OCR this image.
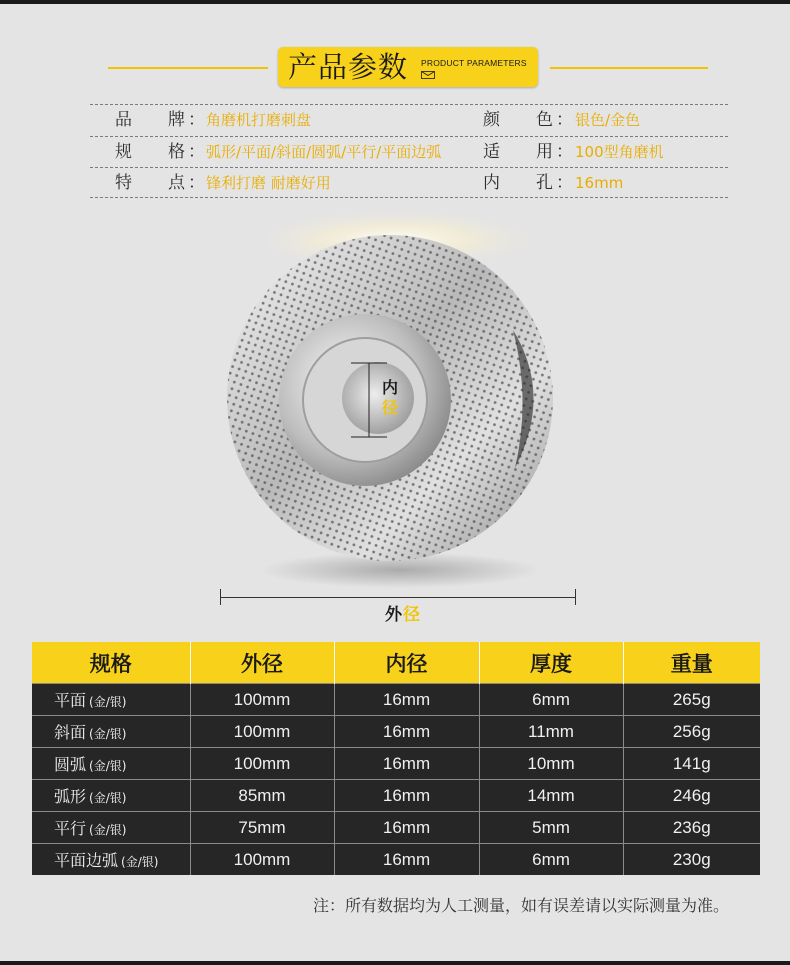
产品参数 PRODUCT PARAMETERS
品 牌 ： 角磨机打磨刺盘	颜 色 ： 银色/金色
规 格 ： 弧形/平面/斜面/圆弧/平行/平面边弧 适 用 ： 100型角磨机
特 点 ： 锋利打磨 耐磨好用	内 孔 ： 16mm
内
径
外径
规格	外径	内径	厚度	重量
平面 (金/银)	100mm	16mm	6mm	265g
斜面 (金/银)	100mm	16mm	11mm	256g
圆弧 (金/银)	100mm	16mm	10mm	141g
弧形 (金/银)	85mm	16mm	14mm	246g
平行 (金/银)	75mm	16mm	5mm	236g
平面边弧 (金/银)	100mm	16mm	6mm	230g
注：所有数据均为人工测量，如有误差请以实际测量为准。
